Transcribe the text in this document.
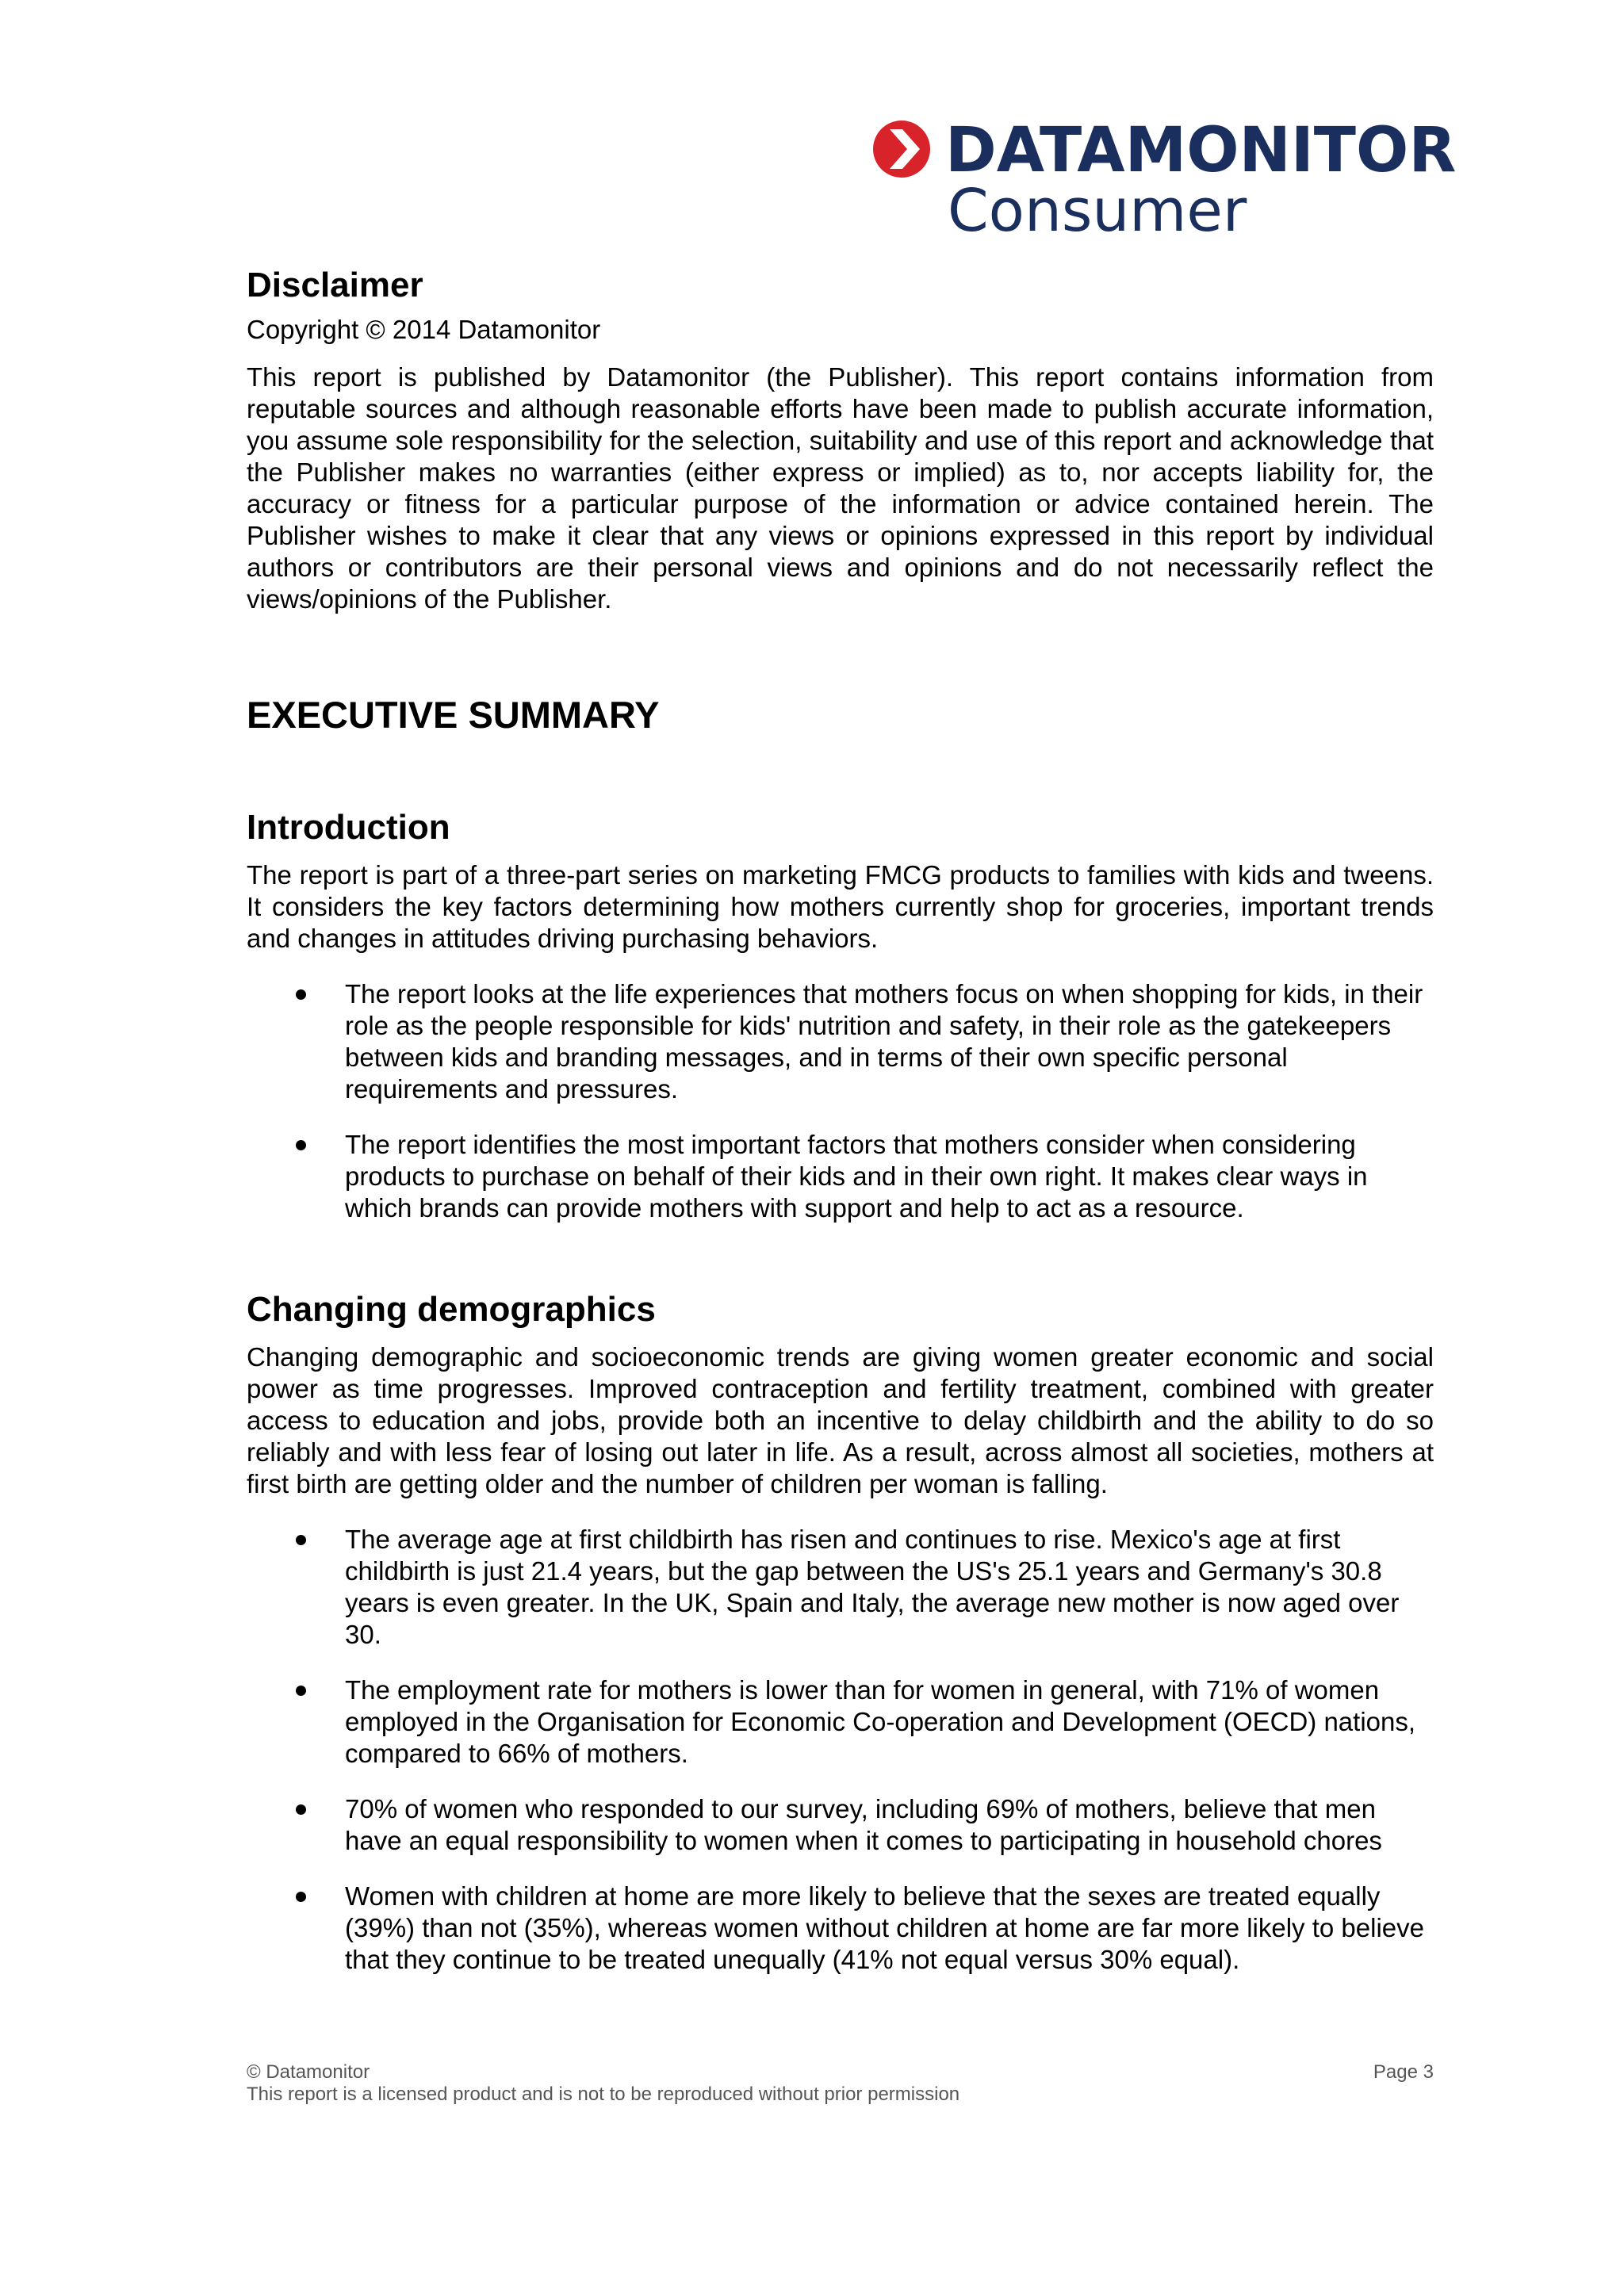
DATAMONITOR
Consumer
Disclaimer

Copyright © 2014 Datamonitor

This report is published by Datamonitor (the Publisher). This report contains information from reputable sources and although reasonable efforts have been made to publish accurate information, you assume sole responsibility for the selection, suitability and use of this report and acknowledge that the Publisher makes no warranties (either express or implied) as to, nor accepts liability for, the accuracy or fitness for a particular purpose of the information or advice contained herein. The Publisher wishes to make it clear that any views or opinions expressed in this report by individual authors or contributors are their personal views and opinions and do not necessarily reflect the views/opinions of the Publisher.

EXECUTIVE SUMMARY
Introduction

The report is part of a three-part series on marketing FMCG products to families with kids and tweens. It considers the key factors determining how mothers currently shop for groceries, important trends and changes in attitudes driving purchasing behaviors.

The report looks at the life experiences that mothers focus on when shopping for kids, in their role as the people responsible for kids' nutrition and safety, in their role as the gatekeepers between kids and branding messages, and in terms of their own specific personal requirements and pressures.
The report identifies the most important factors that mothers consider when considering products to purchase on behalf of their kids and in their own right. It makes clear ways in which brands can provide mothers with support and help to act as a resource.
Changing demographics

Changing demographic and socioeconomic trends are giving women greater economic and social power as time progresses. Improved contraception and fertility treatment, combined with greater access to education and jobs, provide both an incentive to delay childbirth and the ability to do so reliably and with less fear of losing out later in life. As a result, across almost all societies, mothers at first birth are getting older and the number of children per woman is falling.

The average age at first childbirth has risen and continues to rise. Mexico's age at first childbirth is just 21.4 years, but the gap between the US's 25.1 years and Germany's 30.8 years is even greater. In the UK, Spain and Italy, the average new mother is now aged over 30.
The employment rate for mothers is lower than for women in general, with 71% of women employed in the Organisation for Economic Co-operation and Development (OECD) nations, compared to 66% of mothers.
70% of women who responded to our survey, including 69% of mothers, believe that men have an equal responsibility to women when it comes to participating in household chores
Women with children at home are more likely to believe that the sexes are treated equally (39%) than not (35%), whereas women without children at home are far more likely to believe that they continue to be treated unequally (41% not equal versus 30% equal).
© Datamonitor	Page 3
This report is a licensed product and is not to be reproduced without prior permission
